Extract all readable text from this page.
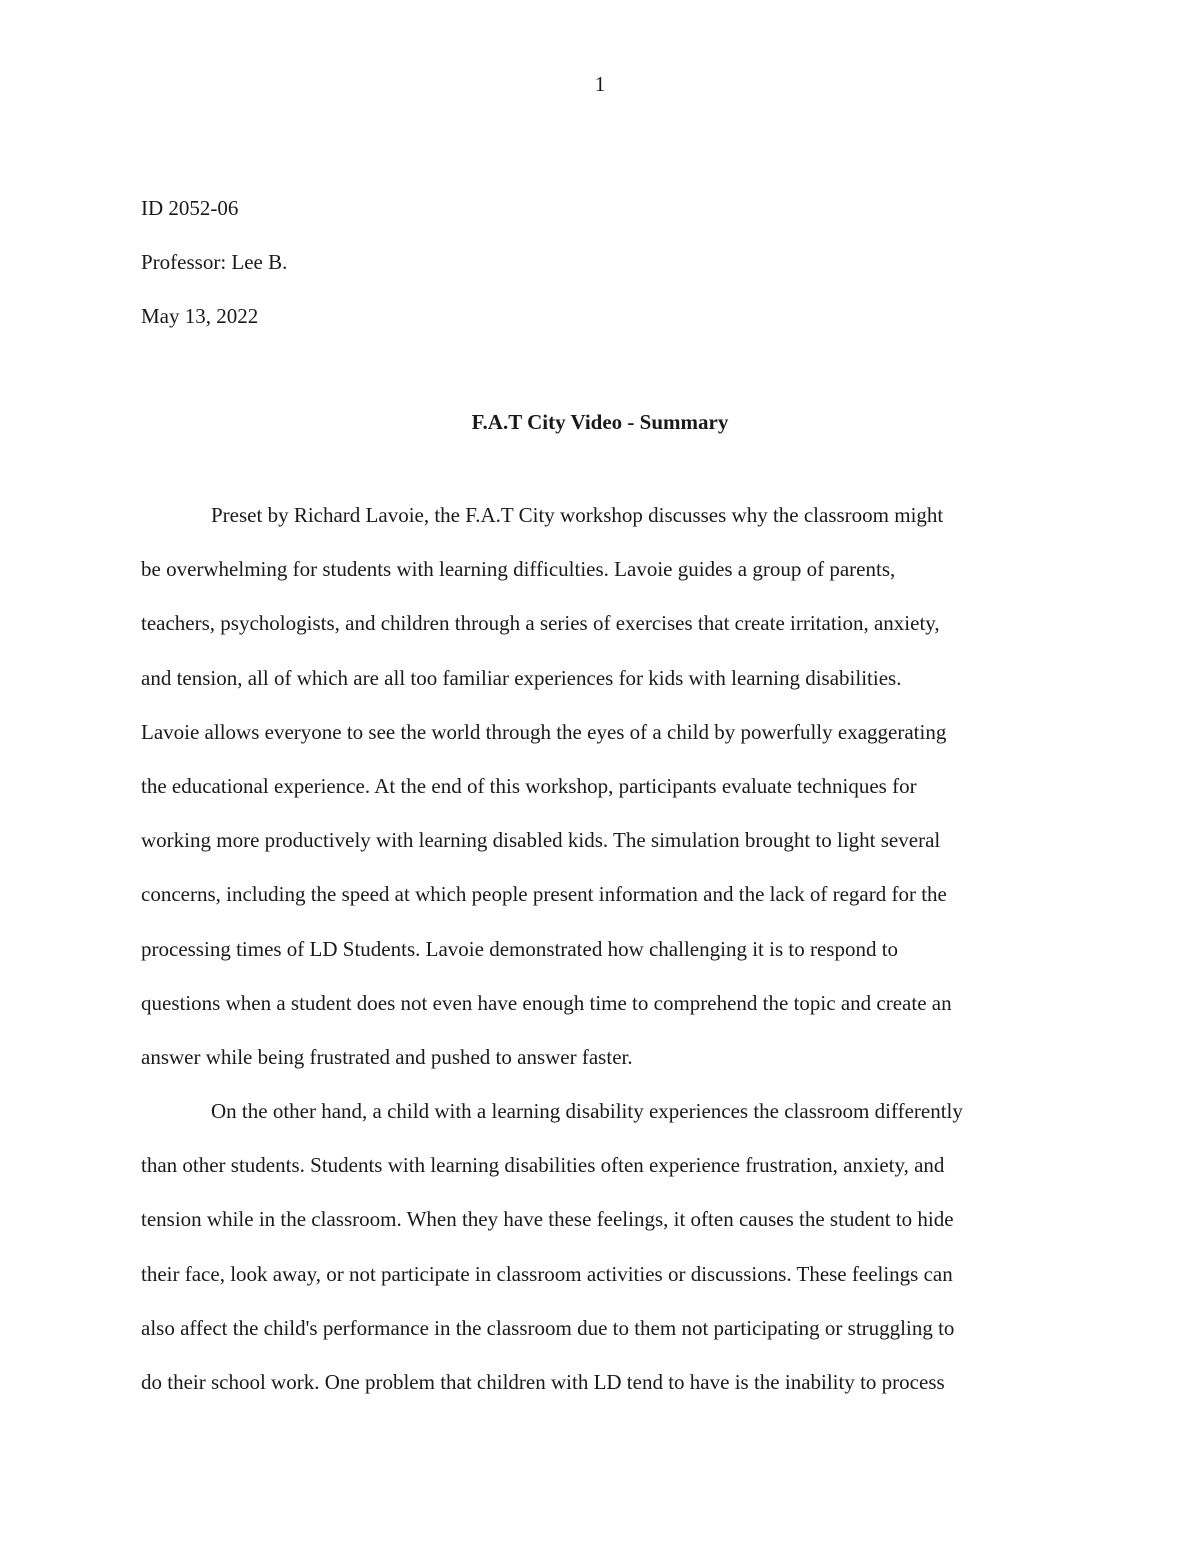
1
ID 2052-06
Professor: Lee B.
May 13, 2022
F.A.T City Video - Summary
Preset by Richard Lavoie, the F.A.T City workshop discusses why the classroom might
be overwhelming for students with learning difficulties. Lavoie guides a group of parents,
teachers, psychologists, and children through a series of exercises that create irritation, anxiety,
and tension, all of which are all too familiar experiences for kids with learning disabilities.
Lavoie allows everyone to see the world through the eyes of a child by powerfully exaggerating
the educational experience. At the end of this workshop, participants evaluate techniques for
working more productively with learning disabled kids. The simulation brought to light several
concerns, including the speed at which people present information and the lack of regard for the
processing times of LD Students. Lavoie demonstrated how challenging it is to respond to
questions when a student does not even have enough time to comprehend the topic and create an
answer while being frustrated and pushed to answer faster.
On the other hand, a child with a learning disability experiences the classroom differently
than other students. Students with learning disabilities often experience frustration, anxiety, and
tension while in the classroom. When they have these feelings, it often causes the student to hide
their face, look away, or not participate in classroom activities or discussions. These feelings can
also affect the child's performance in the classroom due to them not participating or struggling to
do their school work. One problem that children with LD tend to have is the inability to process
